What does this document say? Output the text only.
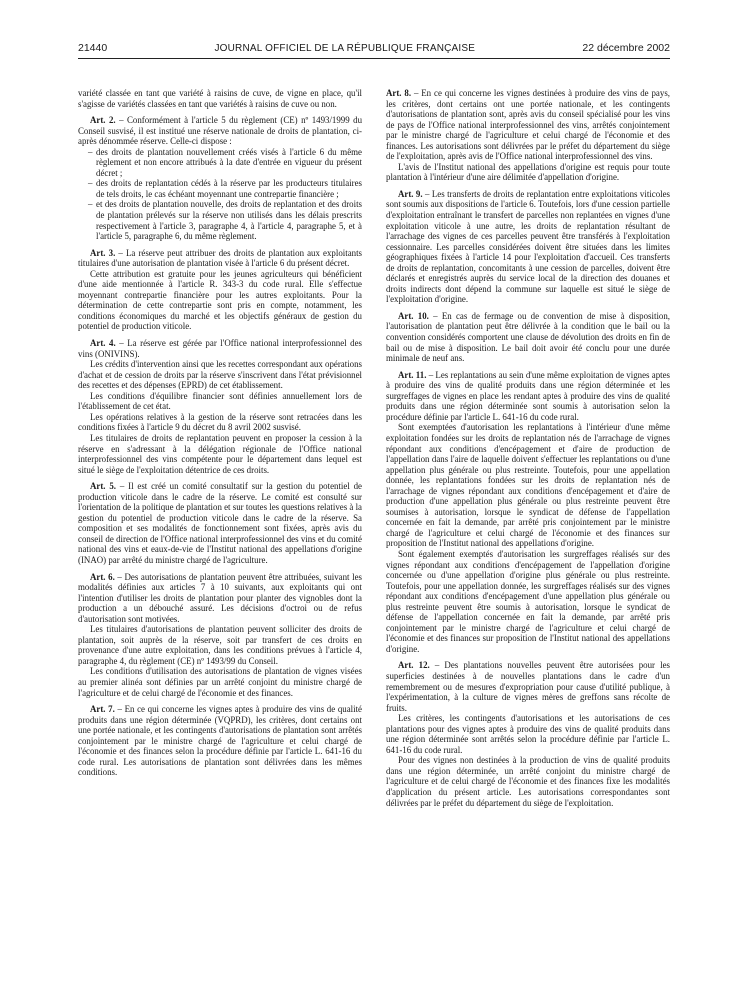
21440	JOURNAL OFFICIEL DE LA RÉPUBLIQUE FRANÇAISE	22 décembre 2002

variété classée en tant que variété à raisins de cuve, de vigne en place, qu'il s'agisse de variétés classées en tant que variétés à raisins de cuve ou non.

Art. 2. – Conformément à l'article 5 du règlement (CE) nº 1493/1999 du Conseil susvisé, il est institué une réserve nationale de droits de plantation, ci-après dénommée réserve. Celle-ci dispose :

– des droits de plantation nouvellement créés visés à l'article 6 du même règlement et non encore attribués à la date d'entrée en vigueur du présent décret ;
– des droits de replantation cédés à la réserve par les producteurs titulaires de tels droits, le cas échéant moyennant une contrepartie financière ;
– et des droits de plantation nouvelle, des droits de replantation et des droits de plantation prélevés sur la réserve non utilisés dans les délais prescrits respectivement à l'article 3, paragraphe 4, à l'article 4, paragraphe 5, et à l'article 5, paragraphe 6, du même règlement.

Art. 3. – La réserve peut attribuer des droits de plantation aux exploitants titulaires d'une autorisation de plantation visée à l'article 6 du présent décret.

Cette attribution est gratuite pour les jeunes agriculteurs qui bénéficient d'une aide mentionnée à l'article R. 343-3 du code rural. Elle s'effectue moyennant contrepartie financière pour les autres exploitants. Pour la détermination de cette contrepartie sont pris en compte, notamment, les conditions économiques du marché et les objectifs généraux de gestion du potentiel de production viticole.

Art. 4. – La réserve est gérée par l'Office national interprofessionnel des vins (ONIVINS).

Les crédits d'intervention ainsi que les recettes correspondant aux opérations d'achat et de cession de droits par la réserve s'inscrivent dans l'état prévisionnel des recettes et des dépenses (EPRD) de cet établissement.

Les conditions d'équilibre financier sont définies annuellement lors de l'établissement de cet état.

Les opérations relatives à la gestion de la réserve sont retracées dans les conditions fixées à l'article 9 du décret du 8 avril 2002 susvisé.

Les titulaires de droits de replantation peuvent en proposer la cession à la réserve en s'adressant à la délégation régionale de l'Office national interprofessionnel des vins compétente pour le département dans lequel est situé le siège de l'exploitation détentrice de ces droits.

Art. 5. – Il est créé un comité consultatif sur la gestion du potentiel de production viticole dans le cadre de la réserve. Le comité est consulté sur l'orientation de la politique de plantation et sur toutes les questions relatives à la gestion du potentiel de production viticole dans le cadre de la réserve. Sa composition et ses modalités de fonctionnement sont fixées, après avis du conseil de direction de l'Office national interprofessionnel des vins et du comité national des vins et eaux-de-vie de l'Institut national des appellations d'origine (INAO) par arrêté du ministre chargé de l'agriculture.

Art. 6. – Des autorisations de plantation peuvent être attribuées, suivant les modalités définies aux articles 7 à 10 suivants, aux exploitants qui ont l'intention d'utiliser les droits de plantation pour planter des vignobles dont la production a un débouché assuré. Les décisions d'octroi ou de refus d'autorisation sont motivées.

Les titulaires d'autorisations de plantation peuvent solliciter des droits de plantation, soit auprès de la réserve, soit par transfert de ces droits en provenance d'une autre exploitation, dans les conditions prévues à l'article 4, paragraphe 4, du règlement (CE) nº 1493/99 du Conseil.

Les conditions d'utilisation des autorisations de plantation de vignes visées au premier alinéa sont définies par un arrêté conjoint du ministre chargé de l'agriculture et de celui chargé de l'économie et des finances.

Art. 7. – En ce qui concerne les vignes aptes à produire des vins de qualité produits dans une région déterminée (VQPRD), les critères, dont certains ont une portée nationale, et les contingents d'autorisations de plantation sont arrêtés conjointement par le ministre chargé de l'agriculture et celui chargé de l'économie et des finances selon la procédure définie par l'article L. 641-16 du code rural. Les autorisations de plantation sont délivrées dans les mêmes conditions.

Art. 8. – En ce qui concerne les vignes destinées à produire des vins de pays, les critères, dont certains ont une portée nationale, et les contingents d'autorisations de plantation sont, après avis du conseil spécialisé pour les vins de pays de l'Office national interprofessionnel des vins, arrêtés conjointement par le ministre chargé de l'agriculture et celui chargé de l'économie et des finances. Les autorisations sont délivrées par le préfet du département du siège de l'exploitation, après avis de l'Office national interprofessionnel des vins.

L'avis de l'Institut national des appellations d'origine est requis pour toute plantation à l'intérieur d'une aire délimitée d'appellation d'origine.

Art. 9. – Les transferts de droits de replantation entre exploitations viticoles sont soumis aux dispositions de l'article 6. Toutefois, lors d'une cession partielle d'exploitation entraînant le transfert de parcelles non replantées en vignes d'une exploitation viticole à une autre, les droits de replantation résultant de l'arrachage des vignes de ces parcelles peuvent être transférés à l'exploitation cessionnaire. Les parcelles considérées doivent être situées dans les limites géographiques fixées à l'article 14 pour l'exploitation d'accueil. Ces transferts de droits de replantation, concomitants à une cession de parcelles, doivent être déclarés et enregistrés auprès du service local de la direction des douanes et droits indirects dont dépend la commune sur laquelle est situé le siège de l'exploitation d'origine.

Art. 10. – En cas de fermage ou de convention de mise à disposition, l'autorisation de plantation peut être délivrée à la condition que le bail ou la convention considérés comportent une clause de dévolution des droits en fin de bail ou de mise à disposition. Le bail doit avoir été conclu pour une durée minimale de neuf ans.

Art. 11. – Les replantations au sein d'une même exploitation de vignes aptes à produire des vins de qualité produits dans une région déterminée et les surgreffages de vignes en place les rendant aptes à produire des vins de qualité produits dans une région déterminée sont soumis à autorisation selon la procédure définie par l'article L. 641-16 du code rural.

Sont exemptées d'autorisation les replantations à l'intérieur d'une même exploitation fondées sur les droits de replantation nés de l'arrachage de vignes répondant aux conditions d'encépagement et d'aire de production de l'appellation dans l'aire de laquelle doivent s'effectuer les replantations ou d'une appellation plus générale ou plus restreinte. Toutefois, pour une appellation donnée, les replantations fondées sur les droits de replantation nés de l'arrachage de vignes répondant aux conditions d'encépagement et d'aire de production d'une appellation plus générale ou plus restreinte peuvent être soumises à autorisation, lorsque le syndicat de défense de l'appellation concernée en fait la demande, par arrêté pris conjointement par le ministre chargé de l'agriculture et celui chargé de l'économie et des finances sur proposition de l'Institut national des appellations d'origine.

Sont également exemptés d'autorisation les surgreffages réalisés sur des vignes répondant aux conditions d'encépagement de l'appellation d'origine concernée ou d'une appellation d'origine plus générale ou plus restreinte. Toutefois, pour une appellation donnée, les surgreffages réalisés sur des vignes répondant aux conditions d'encépagement d'une appellation plus générale ou plus restreinte peuvent être soumis à autorisation, lorsque le syndicat de défense de l'appellation concernée en fait la demande, par arrêté pris conjointement par le ministre chargé de l'agriculture et celui chargé de l'économie et des finances sur proposition de l'Institut national des appellations d'origine.

Art. 12. – Des plantations nouvelles peuvent être autorisées pour les superficies destinées à de nouvelles plantations dans le cadre d'un remembrement ou de mesures d'expropriation pour cause d'utilité publique, à l'expérimentation, à la culture de vignes mères de greffons sans récolte de fruits.

Les critères, les contingents d'autorisations et les autorisations de ces plantations pour des vignes aptes à produire des vins de qualité produits dans une région déterminée sont arrêtés selon la procédure définie par l'article L. 641-16 du code rural.

Pour des vignes non destinées à la production de vins de qualité produits dans une région déterminée, un arrêté conjoint du ministre chargé de l'agriculture et de celui chargé de l'économie et des finances fixe les modalités d'application du présent article. Les autorisations correspondantes sont délivrées par le préfet du département du siège de l'exploitation.
